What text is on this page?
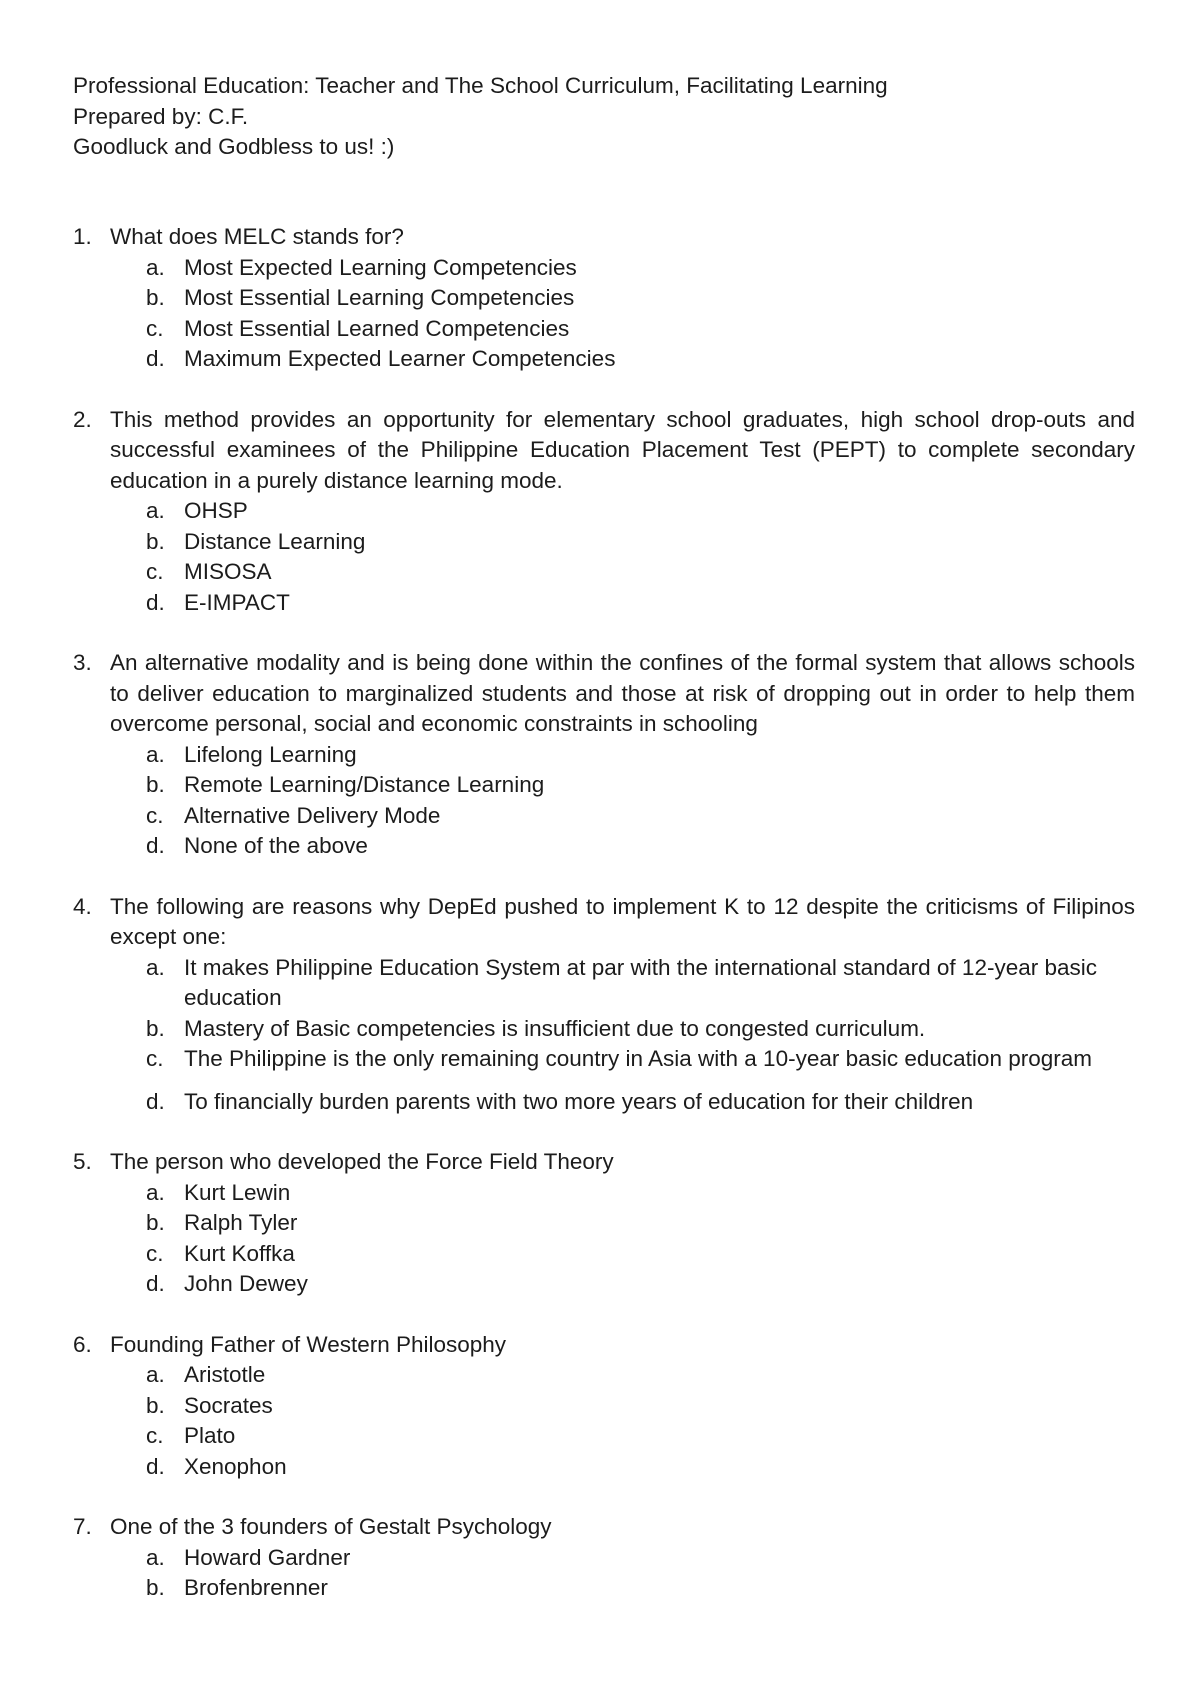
Professional Education: Teacher and The School Curriculum, Facilitating Learning
Prepared by: C.F.
Goodluck and Godbless to us! :)
1. What does MELC stands for?
a. Most Expected Learning Competencies
b. Most Essential Learning Competencies
c. Most Essential Learned Competencies
d. Maximum Expected Learner Competencies
2. This method provides an opportunity for elementary school graduates, high school drop-outs and successful examinees of the Philippine Education Placement Test (PEPT) to complete secondary education in a purely distance learning mode.
a. OHSP
b. Distance Learning
c. MISOSA
d. E-IMPACT
3. An alternative modality and is being done within the confines of the formal system that allows schools to deliver education to marginalized students and those at risk of dropping out in order to help them overcome personal, social and economic constraints in schooling
a. Lifelong Learning
b. Remote Learning/Distance Learning
c. Alternative Delivery Mode
d. None of the above
4. The following are reasons why DepEd pushed to implement K to 12 despite the criticisms of Filipinos except one:
a. It makes Philippine Education System at par with the international standard of 12-year basic education
b. Mastery of Basic competencies is insufficient due to congested curriculum.
c. The Philippine is the only remaining country in Asia with a 10-year basic education program
d. To financially burden parents with two more years of education for their children
5. The person who developed the Force Field Theory
a. Kurt Lewin
b. Ralph Tyler
c. Kurt Koffka
d. John Dewey
6. Founding Father of Western Philosophy
a. Aristotle
b. Socrates
c. Plato
d. Xenophon
7. One of the 3 founders of Gestalt Psychology
a. Howard Gardner
b. Brofenbrenner
